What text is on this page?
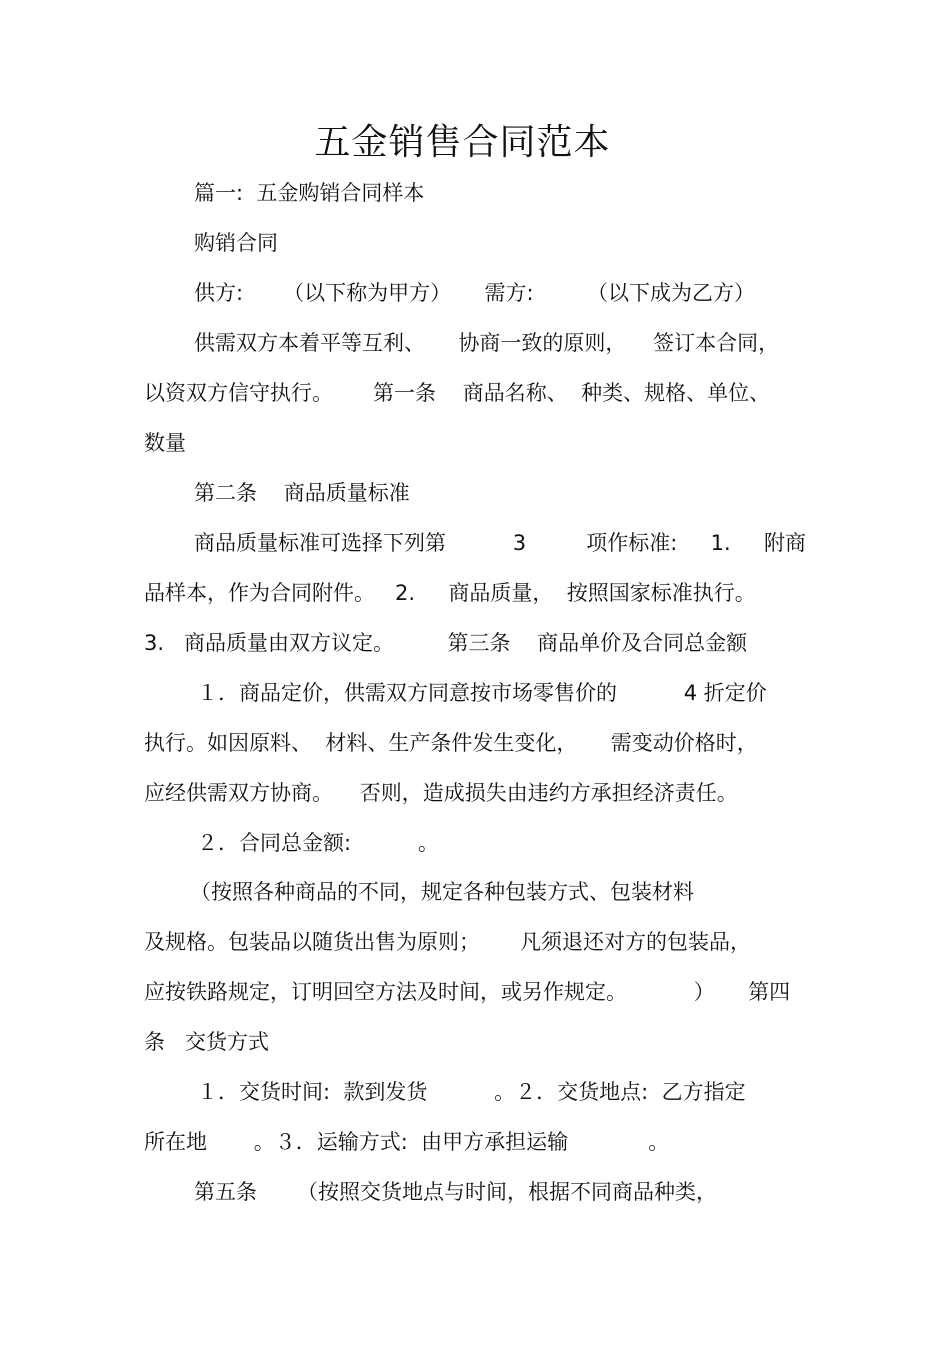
五金销售合同范本
篇一:  五金购销合同样本
购销合同
供方:      （以下称为甲方）     需方:        （以下成为乙方）
供需双方本着平等互利、     协商一致的原则，    签订本合同，
以资双方信守执行。      第一条    商品名称、  种类、规格、单位、
数量
第二条    商品质量标准
商品质量标准可选择下列第          3         项作标准:     1.     附商
品样本，作为合同附件。   2.     商品质量，  按照国家标准执行。
3.   商品质量由双方议定。        第三条    商品单价及合同总金额
１．商品定价，供需双方同意按市场零售价的          4 折定价
执行。如因原料、  材料、生产条件发生变化，     需变动价格时，
应经供需双方协商。    否则，造成损失由违约方承担经济责任。
２．合同总金额:          。
（按照各种商品的不同，规定各种包装方式、包装材料
及规格。包装品以随货出售为原则；      凡须退还对方的包装品，
应按铁路规定，订明回空方法及时间，或另作规定。          ）     第四
条   交货方式
１．交货时间:  款到发货          。２．交货地点:  乙方指定
所在地       。３．运输方式:  由甲方承担运输            。
第五条      （按照交货地点与时间，根据不同商品种类，
